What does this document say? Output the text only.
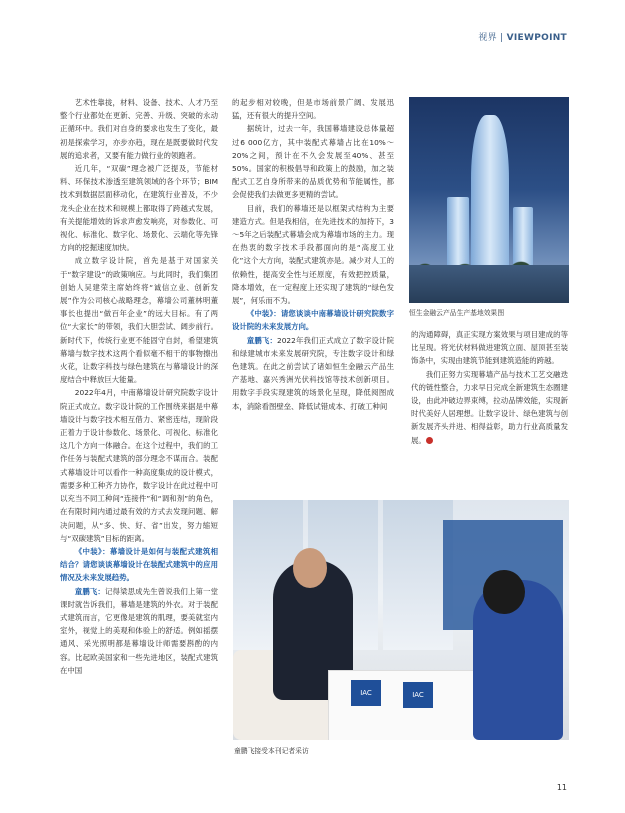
视界 | VIEWPOINT

艺术性靠拢，材料、设备、技术、人才乃至整个行业都处在更新、完善、升级、突破的永动正循环中。我们对自身的要求也发生了变化，最初是探索学习，亦步亦趋，现在是既要做时代发展的追求者，又要有能力做行业的领跑者。

近几年，“双碳”理念被广泛提及，节能材料、环保技术渗透至建筑领域的各个环节；BIM技术到数据层面移动化，在建筑行业普及，不少龙头企业在技术和规模上都取得了跨越式发展，有关提能增效的诉求声愈发响亮，对参数化、可视化、标准化、数字化、场景化、云端化等先锋方向的挖掘速度加快。

成立数字设计院，首先是基于对国家关于“数字建设”的政策响应。与此同时，我们集团创始人吴建荣主席始终将“诚信立业、创新发展”作为公司核心战略理念，幕墙公司董林明董事长也提出“做百年企业”的远大目标。有了两位“大家长”的带领，我们大胆尝试、阔步前行。新时代下，传统行业更不能固守自封，希望建筑幕墙与数字技术这两个看似毫不相干的事物擦出火花，让数字科技与绿色建筑在与幕墙设计的深度结合中释放巨大能量。

2022年4月，中南幕墙设计研究院数字设计院正式成立。数字设计院的工作围绕来据是中幕墙设计与数字技术相互借力、紧密连结，现阶段正着力于设计参数化、场景化、可视化、标准化这几个方向一体融合。在这个过程中，我们的工作任务与装配式建筑的部分理念不谋而合。装配式幕墙设计可以看作一种高度集成的设计模式，需要多种工种齐力协作，数字设计在此过程中可以充当不同工种间“连接件”和“调和剂”的角色，在有限时间内通过最有效的方式去发现问题、解决问题，从“多、快、好、省”出发，努力缩短与“双碳建筑”目标的距离。

《中装》：幕墙设计是如何与装配式建筑相结合？请您谈谈幕墙设计在装配式建筑中的应用情况及未来发展趋势。

童鹏飞：记得梁思成先生曾说我们上第一堂课时就告诉我们，幕墙是建筑的外衣。对于装配式建筑而言，它更像是建筑的肌理，要美就室内室外，视觉上的美观和体验上的舒适。例如摇摆通风、采光照明都是幕墙设计师需要斟酌的内容。比起欧美国家和一些先进地区，装配式建筑在中国

的起步相对较晚，但是市场前景广阔、发展迅猛，还有很大的提升空间。

据统计，过去一年，我国幕墙建设总体量超过6 000亿方，其中装配式幕墙占比在10%～20%之间，预计在不久会发展至40%、甚至50%。国家的积极倡导和政策上的鼓励，加之装配式工艺自身所带来的品质优势和节能属性，都会促使我们去做更多更精的尝试。

目前，我们的幕墙还是以框架式结构为主要建造方式。但是我相信，在先进技术的加持下，3～5年之后装配式幕墙会成为幕墙市场的主力。现在热衷的数字技术手段都面向的是“高度工业化”这个大方向，装配式建筑亦是。减少对人工的依赖性，提高安全性与还原度，有效把控质量，降本增效，在一定程度上还实现了建筑的“绿色发展”，何乐而不为。

《中装》：请您谈谈中南幕墙设计研究院数字设计院的未来发展方向。

童鹏飞：2022年我们正式成立了数字设计院和绿建城市未来发展研究院，专注数字设计和绿色建筑。在此之前尝试了诸如恒生金融云产品生产基地、嘉兴秀洲光伏科技馆等技术创新项目。用数字手段实现建筑的场景化呈现，降低阅图成本，消除看图壁垒、降低试错成本、打破工种间

恒生金融云产品生产基地效果图

的沟通障碍，真正实现方案效果与项目建成的等比呈现。将光伏材料做进建筑立面、屋顶甚至装饰条中，实现由建筑节能到建筑造能的跨越。

我们正努力实现幕墙产品与技术工艺交融迭代的链性整合，力求早日完成全新建筑生态圈建设，由此冲破边界束缚，拉动品牌效能，实现新时代美好人居理想。让数字设计、绿色建筑与创新发展齐头并进、相得益彰，助力行业高质量发展。

IAC	IAC
童鹏飞接受本刊记者采访
11
